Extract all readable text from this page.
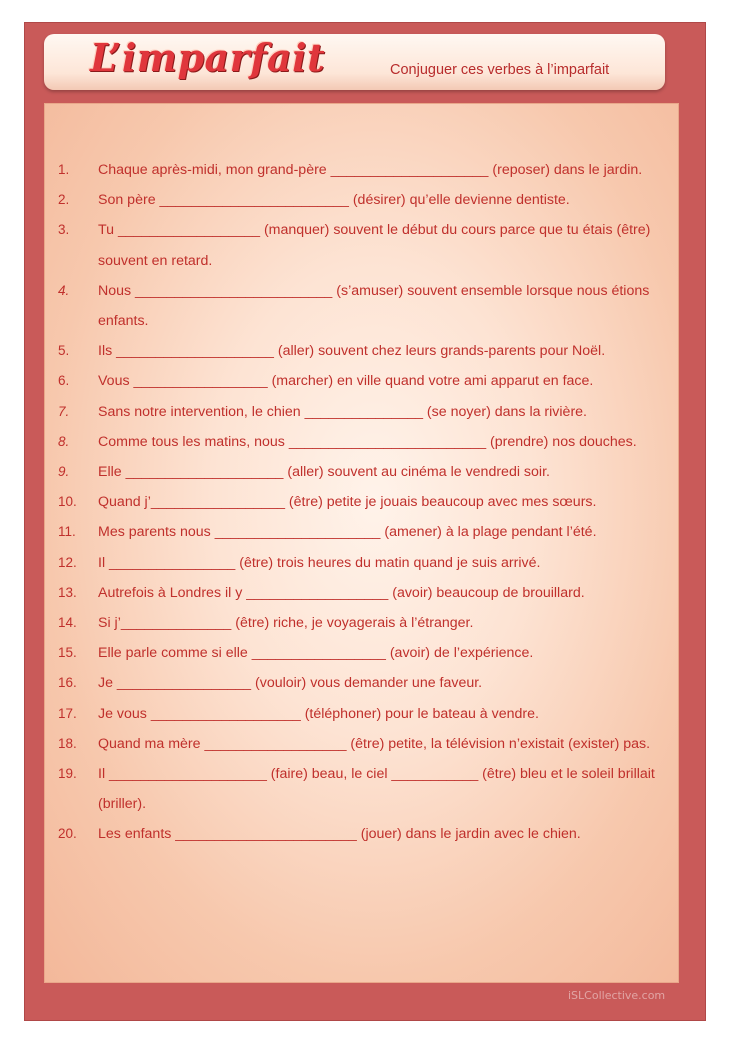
L’imparfait	Conjuguer ces verbes à l’imparfait
1. Chaque après-midi, mon grand-père ____________________ (reposer) dans le jardin.
2. Son père ________________________ (désirer) qu’elle devienne dentiste.
3. Tu __________________ (manquer) souvent le début du cours parce que tu étais (être) souvent en retard.
4. Nous _________________________ (s’amuser) souvent ensemble lorsque nous étions enfants.
5. Ils ____________________ (aller) souvent chez leurs grands-parents pour Noël.
6. Vous _________________ (marcher) en ville quand votre ami apparut en face.
7. Sans notre intervention, le chien _______________ (se noyer) dans la rivière.
8. Comme tous les matins, nous _________________________ (prendre) nos douches.
9. Elle ____________________ (aller) souvent au cinéma le vendredi soir.
10. Quand j’_________________ (être) petite je jouais beaucoup avec mes sœurs.
11. Mes parents nous _____________________ (amener) à la plage pendant l’été.
12. Il ________________ (être) trois heures du matin quand je suis arrivé.
13. Autrefois à Londres il y __________________ (avoir) beaucoup de brouillard.
14. Si j’______________ (être) riche, je voyagerais à l’étranger.
15. Elle parle comme si elle _________________ (avoir) de l’expérience.
16. Je _________________ (vouloir) vous demander une faveur.
17. Je vous ___________________ (téléphoner) pour le bateau à vendre.
18. Quand ma mère __________________ (être) petite, la télévision n’existait (exister) pas.
19. Il ____________________ (faire) beau, le ciel ___________ (être) bleu et le soleil brillait (briller).
20. Les enfants _______________________ (jouer) dans le jardin avec le chien.
iSLCollective.com
